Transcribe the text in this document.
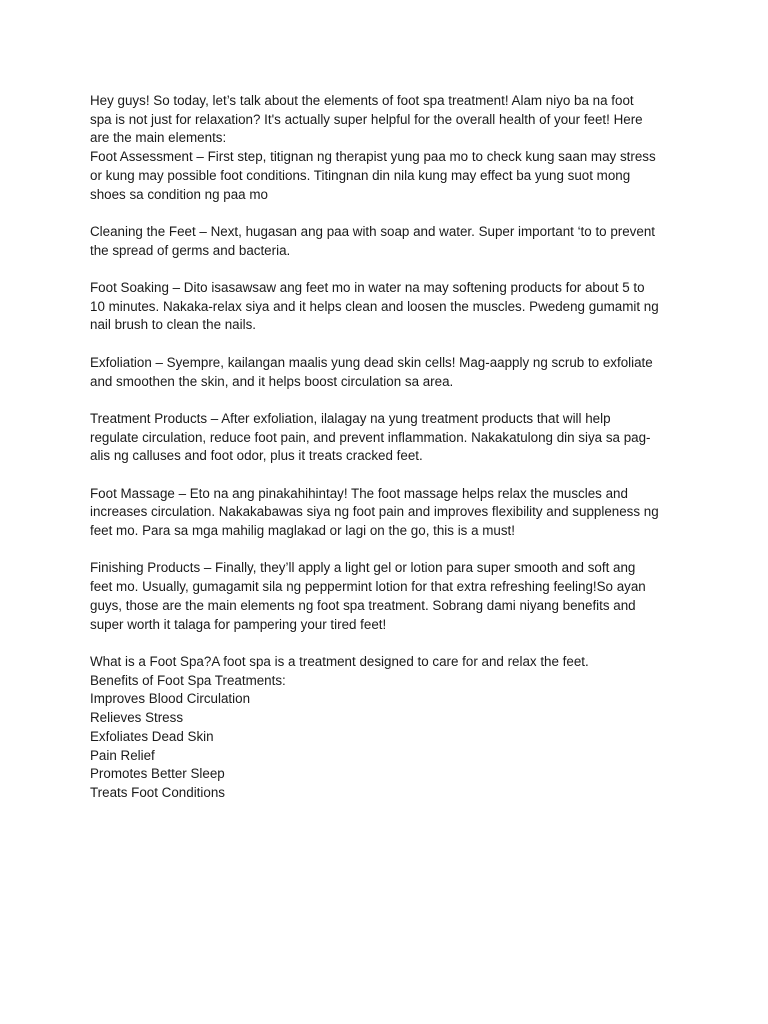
Hey guys! So today, let’s talk about the elements of foot spa treatment! Alam niyo ba na foot

spa is not just for relaxation? It's actually super helpful for the overall health of your feet! Here

are the main elements:

Foot Assessment – First step, titignan ng therapist yung paa mo to check kung saan may stress

or kung may possible foot conditions. Titingnan din nila kung may effect ba yung suot mong

shoes sa condition ng paa mo

Cleaning the Feet – Next, hugasan ang paa with soap and water. Super important ‘to to prevent

the spread of germs and bacteria.

Foot Soaking – Dito isasawsaw ang feet mo in water na may softening products for about 5 to

10 minutes. Nakaka-relax siya and it helps clean and loosen the muscles. Pwedeng gumamit ng

nail brush to clean the nails.

Exfoliation – Syempre, kailangan maalis yung dead skin cells! Mag-aapply ng scrub to exfoliate

and smoothen the skin, and it helps boost circulation sa area.

Treatment Products – After exfoliation, ilalagay na yung treatment products that will help

regulate circulation, reduce foot pain, and prevent inflammation. Nakakatulong din siya sa pag-

alis ng calluses and foot odor, plus it treats cracked feet.

Foot Massage – Eto na ang pinakahihintay! The foot massage helps relax the muscles and

increases circulation. Nakakabawas siya ng foot pain and improves flexibility and suppleness ng

feet mo. Para sa mga mahilig maglakad or lagi on the go, this is a must!

Finishing Products – Finally, they’ll apply a light gel or lotion para super smooth and soft ang

feet mo. Usually, gumagamit sila ng peppermint lotion for that extra refreshing feeling!So ayan

guys, those are the main elements ng foot spa treatment. Sobrang dami niyang benefits and

super worth it talaga for pampering your tired feet!

What is a Foot Spa?A foot spa is a treatment designed to care for and relax the feet.

Benefits of Foot Spa Treatments:

Improves Blood Circulation

Relieves Stress

Exfoliates Dead Skin

Pain Relief

Promotes Better Sleep

Treats Foot Conditions
